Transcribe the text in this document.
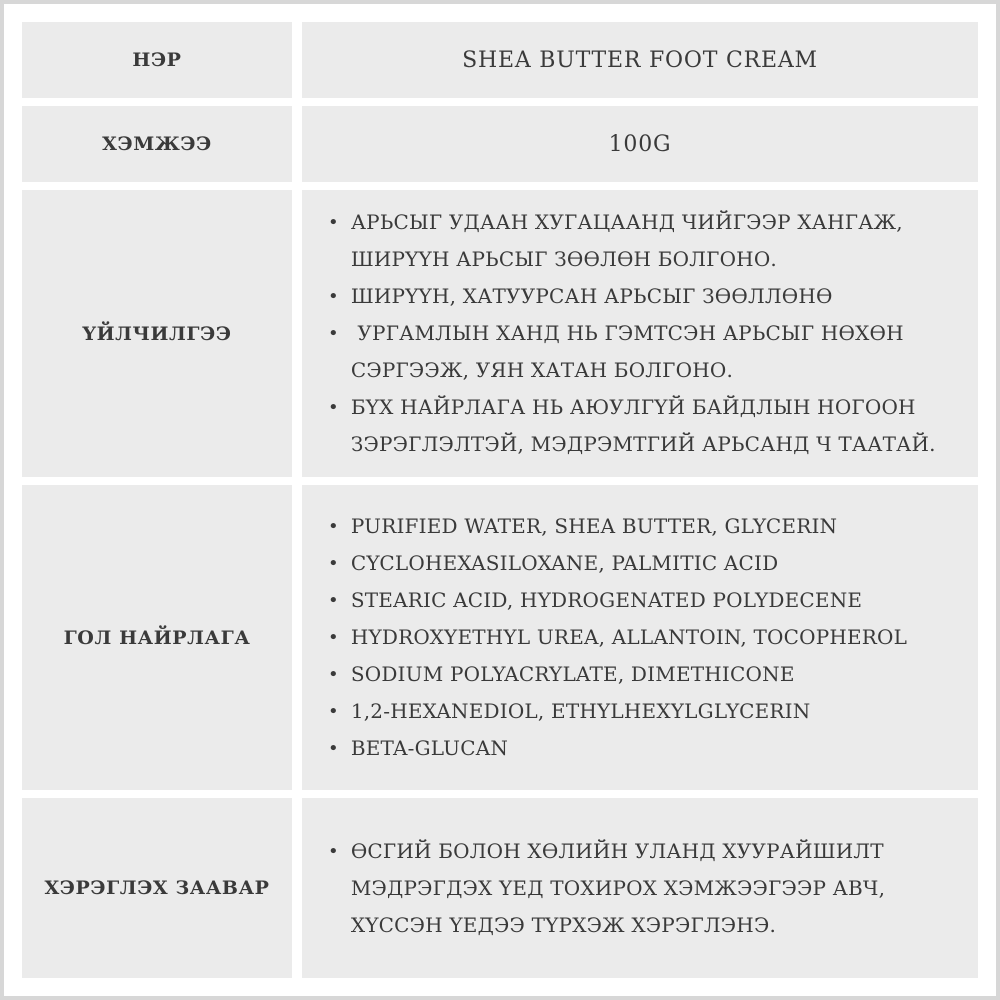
НЭР	SHEA BUTTER FOOT CREAM
ХЭМЖЭЭ	100G
ҮЙЛЧИЛГЭЭ
• АРЬСЫГ УДААН ХУГАЦААНД ЧИЙГЭЭР ХАНГАЖ,
ШИРҮҮН АРЬСЫГ ЗӨӨЛӨН БОЛГОНО.
• ШИРҮҮН, ХАТУУРСАН АРЬСЫГ ЗӨӨЛЛӨНӨ
• УРГАМЛЫН ХАНД НЬ ГЭМТСЭН АРЬСЫГ НӨХӨН
СЭРГЭЭЖ, УЯН ХАТАН БОЛГОНО.
• БҮХ НАЙРЛАГА НЬ АЮУЛГҮЙ БАЙДЛЫН НОГООН
ЗЭРЭГЛЭЛТЭЙ, МЭДРЭМТГИЙ АРЬСАНД Ч ТААТАЙ.
ГОЛ НАЙРЛАГА
• PURIFIED WATER, SHEA BUTTER, GLYCERIN
• CYCLOHEXASILOXANE, PALMITIC ACID
• STEARIC ACID, HYDROGENATED POLYDECENE
• HYDROXYETHYL UREA, ALLANTOIN, TOCOPHEROL
• SODIUM POLYACRYLATE, DIMETHICONE
• 1,2-HEXANEDIOL, ETHYLHEXYLGLYCERIN
• BETA-GLUCAN
ХЭРЭГЛЭХ ЗААВАР
• ӨСГИЙ БОЛОН ХӨЛИЙН УЛАНД ХУУРАЙШИЛТ
МЭДРЭГДЭХ ҮЕД ТОХИРОХ ХЭМЖЭЭГЭЭР АВЧ,
ХҮССЭН ҮЕДЭЭ ТҮРХЭЖ ХЭРЭГЛЭНЭ.
